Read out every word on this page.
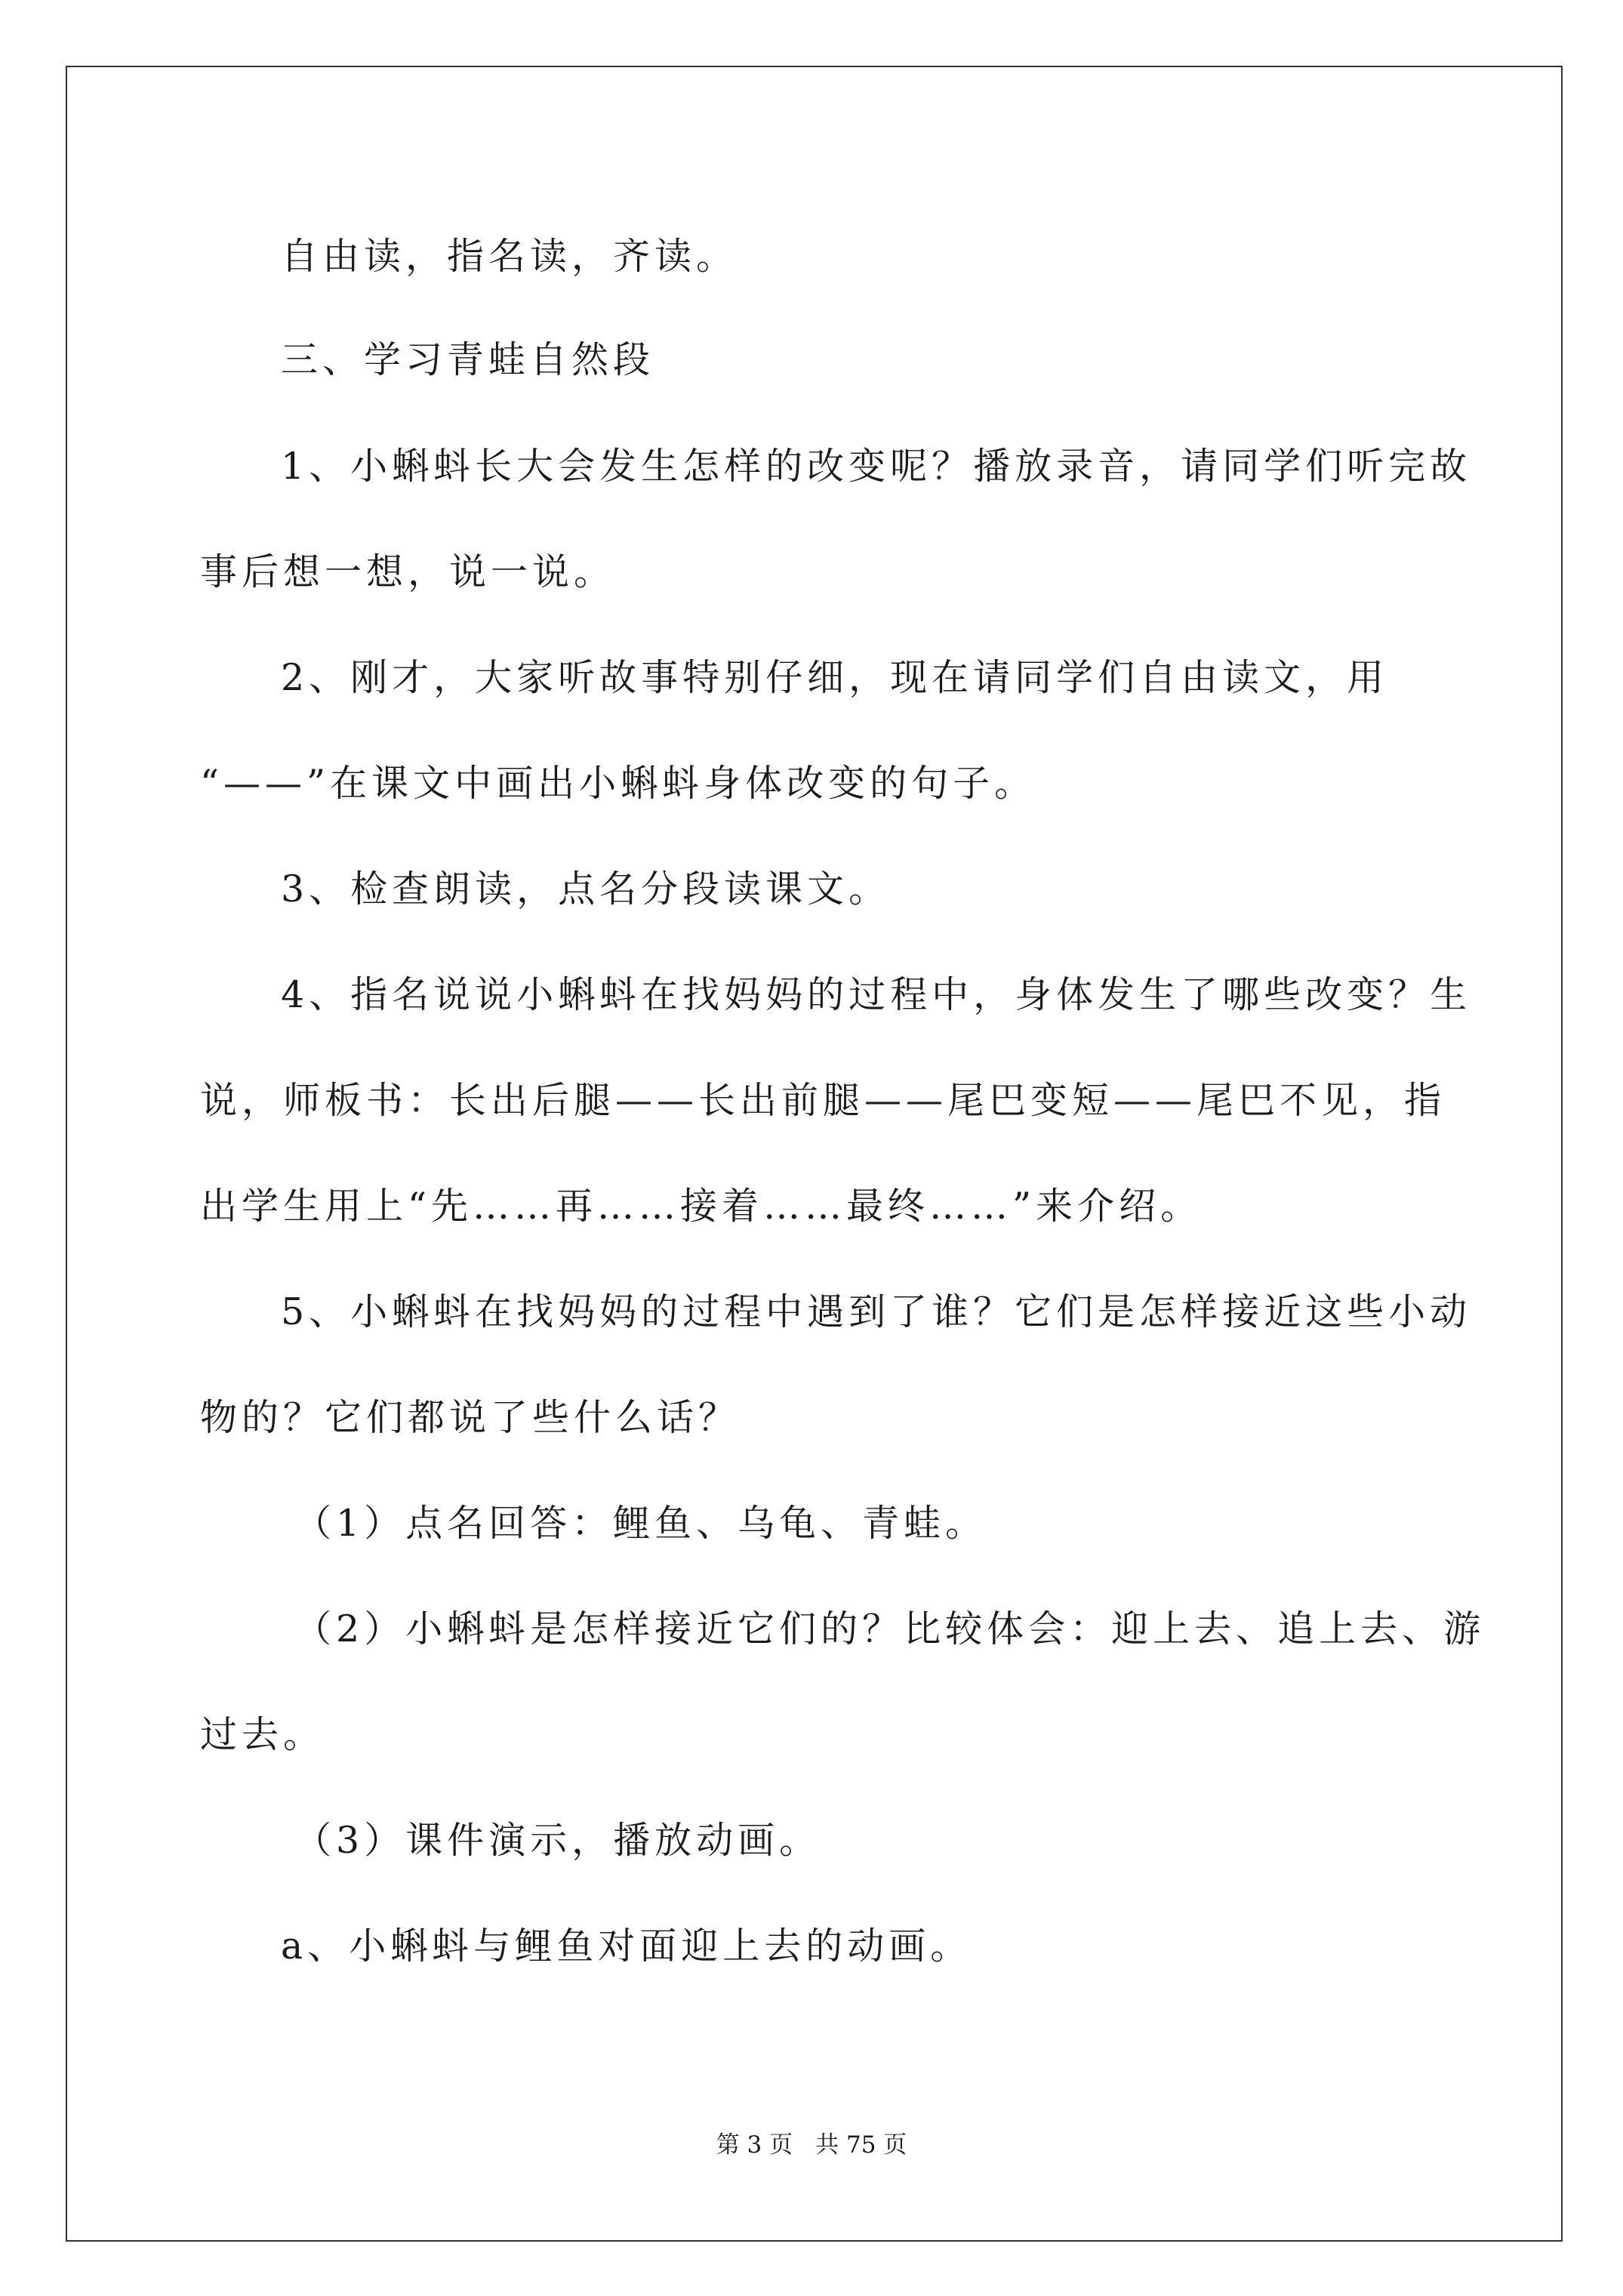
自由读，指名读，齐读。
三、学习青蛙自然段
1、小蝌蚪长大会发生怎样的改变呢？播放录音，请同学们听完故
事后想一想，说一说。
2、刚才，大家听故事特别仔细，现在请同学们自由读文，用
“——”在课文中画出小蝌蚪身体改变的句子。
3、检查朗读，点名分段读课文。
4、指名说说小蝌蚪在找妈妈的过程中，身体发生了哪些改变？生
说，师板书：长出后腿——长出前腿——尾巴变短——尾巴不见，指
出学生用上“先……再……接着……最终……”来介绍。
5、小蝌蚪在找妈妈的过程中遇到了谁？它们是怎样接近这些小动
物的？它们都说了些什么话？
（1）点名回答：鲤鱼、乌龟、青蛙。
（2）小蝌蚪是怎样接近它们的？比较体会：迎上去、追上去、游
过去。
（3）课件演示，播放动画。
a、小蝌蚪与鲤鱼对面迎上去的动画。
第 3 页 共 75 页
